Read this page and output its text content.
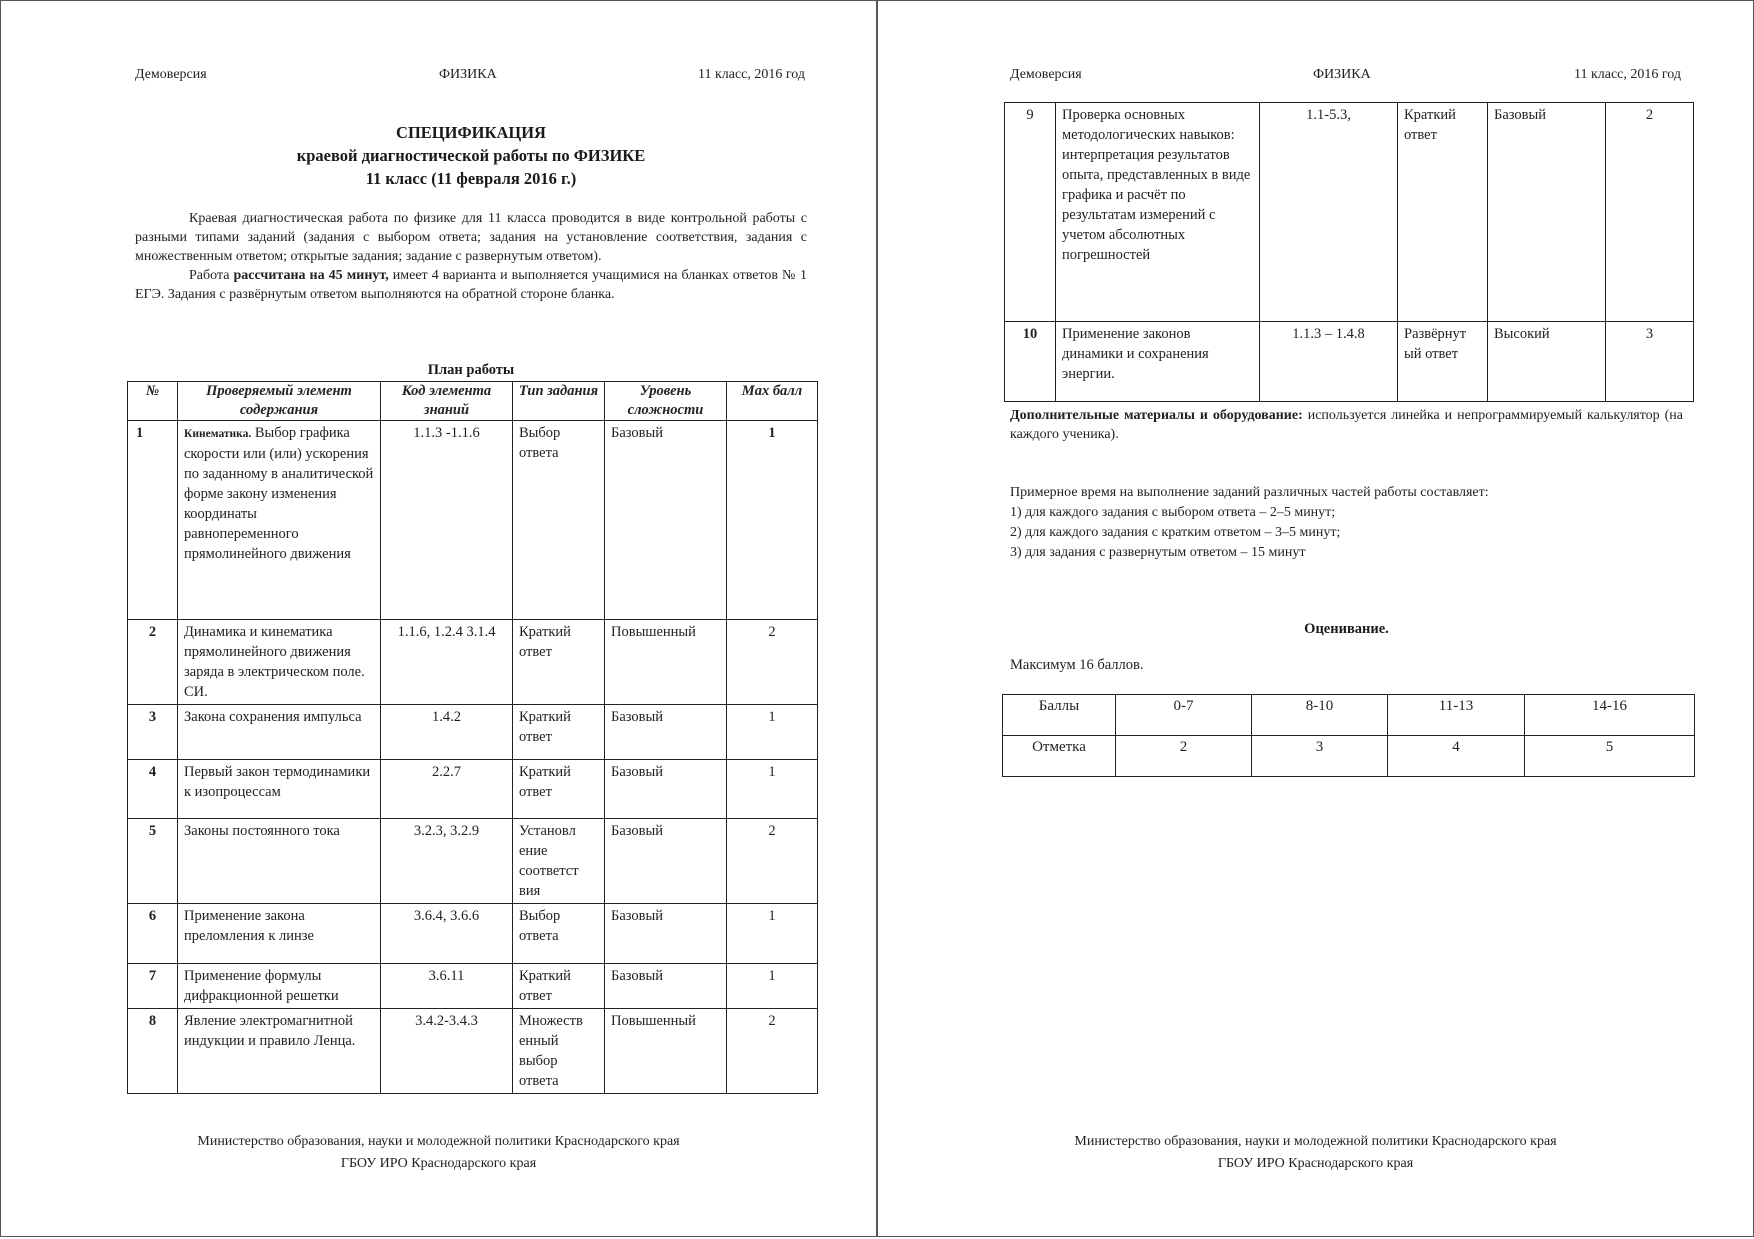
Демоверсия	ФИЗИКА	11 класс, 2016 год
СПЕЦИФИКАЦИЯ
краевой диагностической работы по ФИЗИКЕ
11 класс (11 февраля 2016 г.)

Краевая диагностическая работа по физике для 11 класса проводится в виде контрольной работы с разными типами заданий (задания с выбором ответа; задания на установление соответствия, задания с множественным ответом; открытые задания; задание с развернутым ответом).

Работа рассчитана на 45 минут, имеет 4 варианта и выполняется учащимися на бланках ответов № 1 ЕГЭ. Задания с развёрнутым ответом выполняются на обратной стороне бланка.

План работы
№	Проверяемый элемент содержания	Код элемента знаний	Тип задания	Уровень сложности	Max балл
1	Кинематика. Выбор графика скорости или (или) ускорения по заданному в аналитической форме закону изменения координаты равнопеременного прямолинейного движения	1.1.3 -1.1.6	Выбор ответа	Базовый	1
2	Динамика и кинематика прямолинейного движения заряда в электрическом поле. СИ.	1.1.6, 1.2.4 3.1.4	Краткий ответ	Повышенный	2
3	Закона сохранения импульса	1.4.2	Краткий ответ	Базовый	1
4	Первый закон термодинамики к изопроцессам	2.2.7	Краткий ответ	Базовый	1
5	Законы постоянного тока	3.2.3, 3.2.9	Установл ение соответст вия	Базовый	2
6	Применение закона преломления к линзе	3.6.4, 3.6.6	Выбор ответа	Базовый	1
7	Применение формулы дифракционной решетки	3.6.11	Краткий ответ	Базовый	1
8	Явление электромагнитной индукции и правило Ленца.	3.4.2-3.4.3	Множеств енный выбор ответа	Повышенный	2
Министерство образования, науки и молодежной политики Краснодарского края
ГБОУ ИРО Краснодарского края
Демоверсия	ФИЗИКА	11 класс, 2016 год
9	Проверка основных методологических навыков: интерпретация результатов опыта, представленных в виде графика и расчёт по результатам измерений с учетом абсолютных погрешностей	1.1-5.3,	Краткий ответ	Базовый	2
10	Применение законов динамики и сохранения энергии.	1.1.3 – 1.4.8	Развёрнут ый ответ	Высокий	3
Дополнительные материалы и оборудование: используется линейка и непрограммируемый калькулятор (на каждого ученика).
Примерное время на выполнение заданий различных частей работы составляет:
1) для каждого задания с выбором ответа – 2–5 минут;
2) для каждого задания с кратким ответом – 3–5 минут;
3) для задания с развернутым ответом – 15 минут
Оценивание.
Максимум 16 баллов.
Баллы	0-7	8-10	11-13	14-16
Отметка	2	3	4	5
Министерство образования, науки и молодежной политики Краснодарского края
ГБОУ ИРО Краснодарского края
